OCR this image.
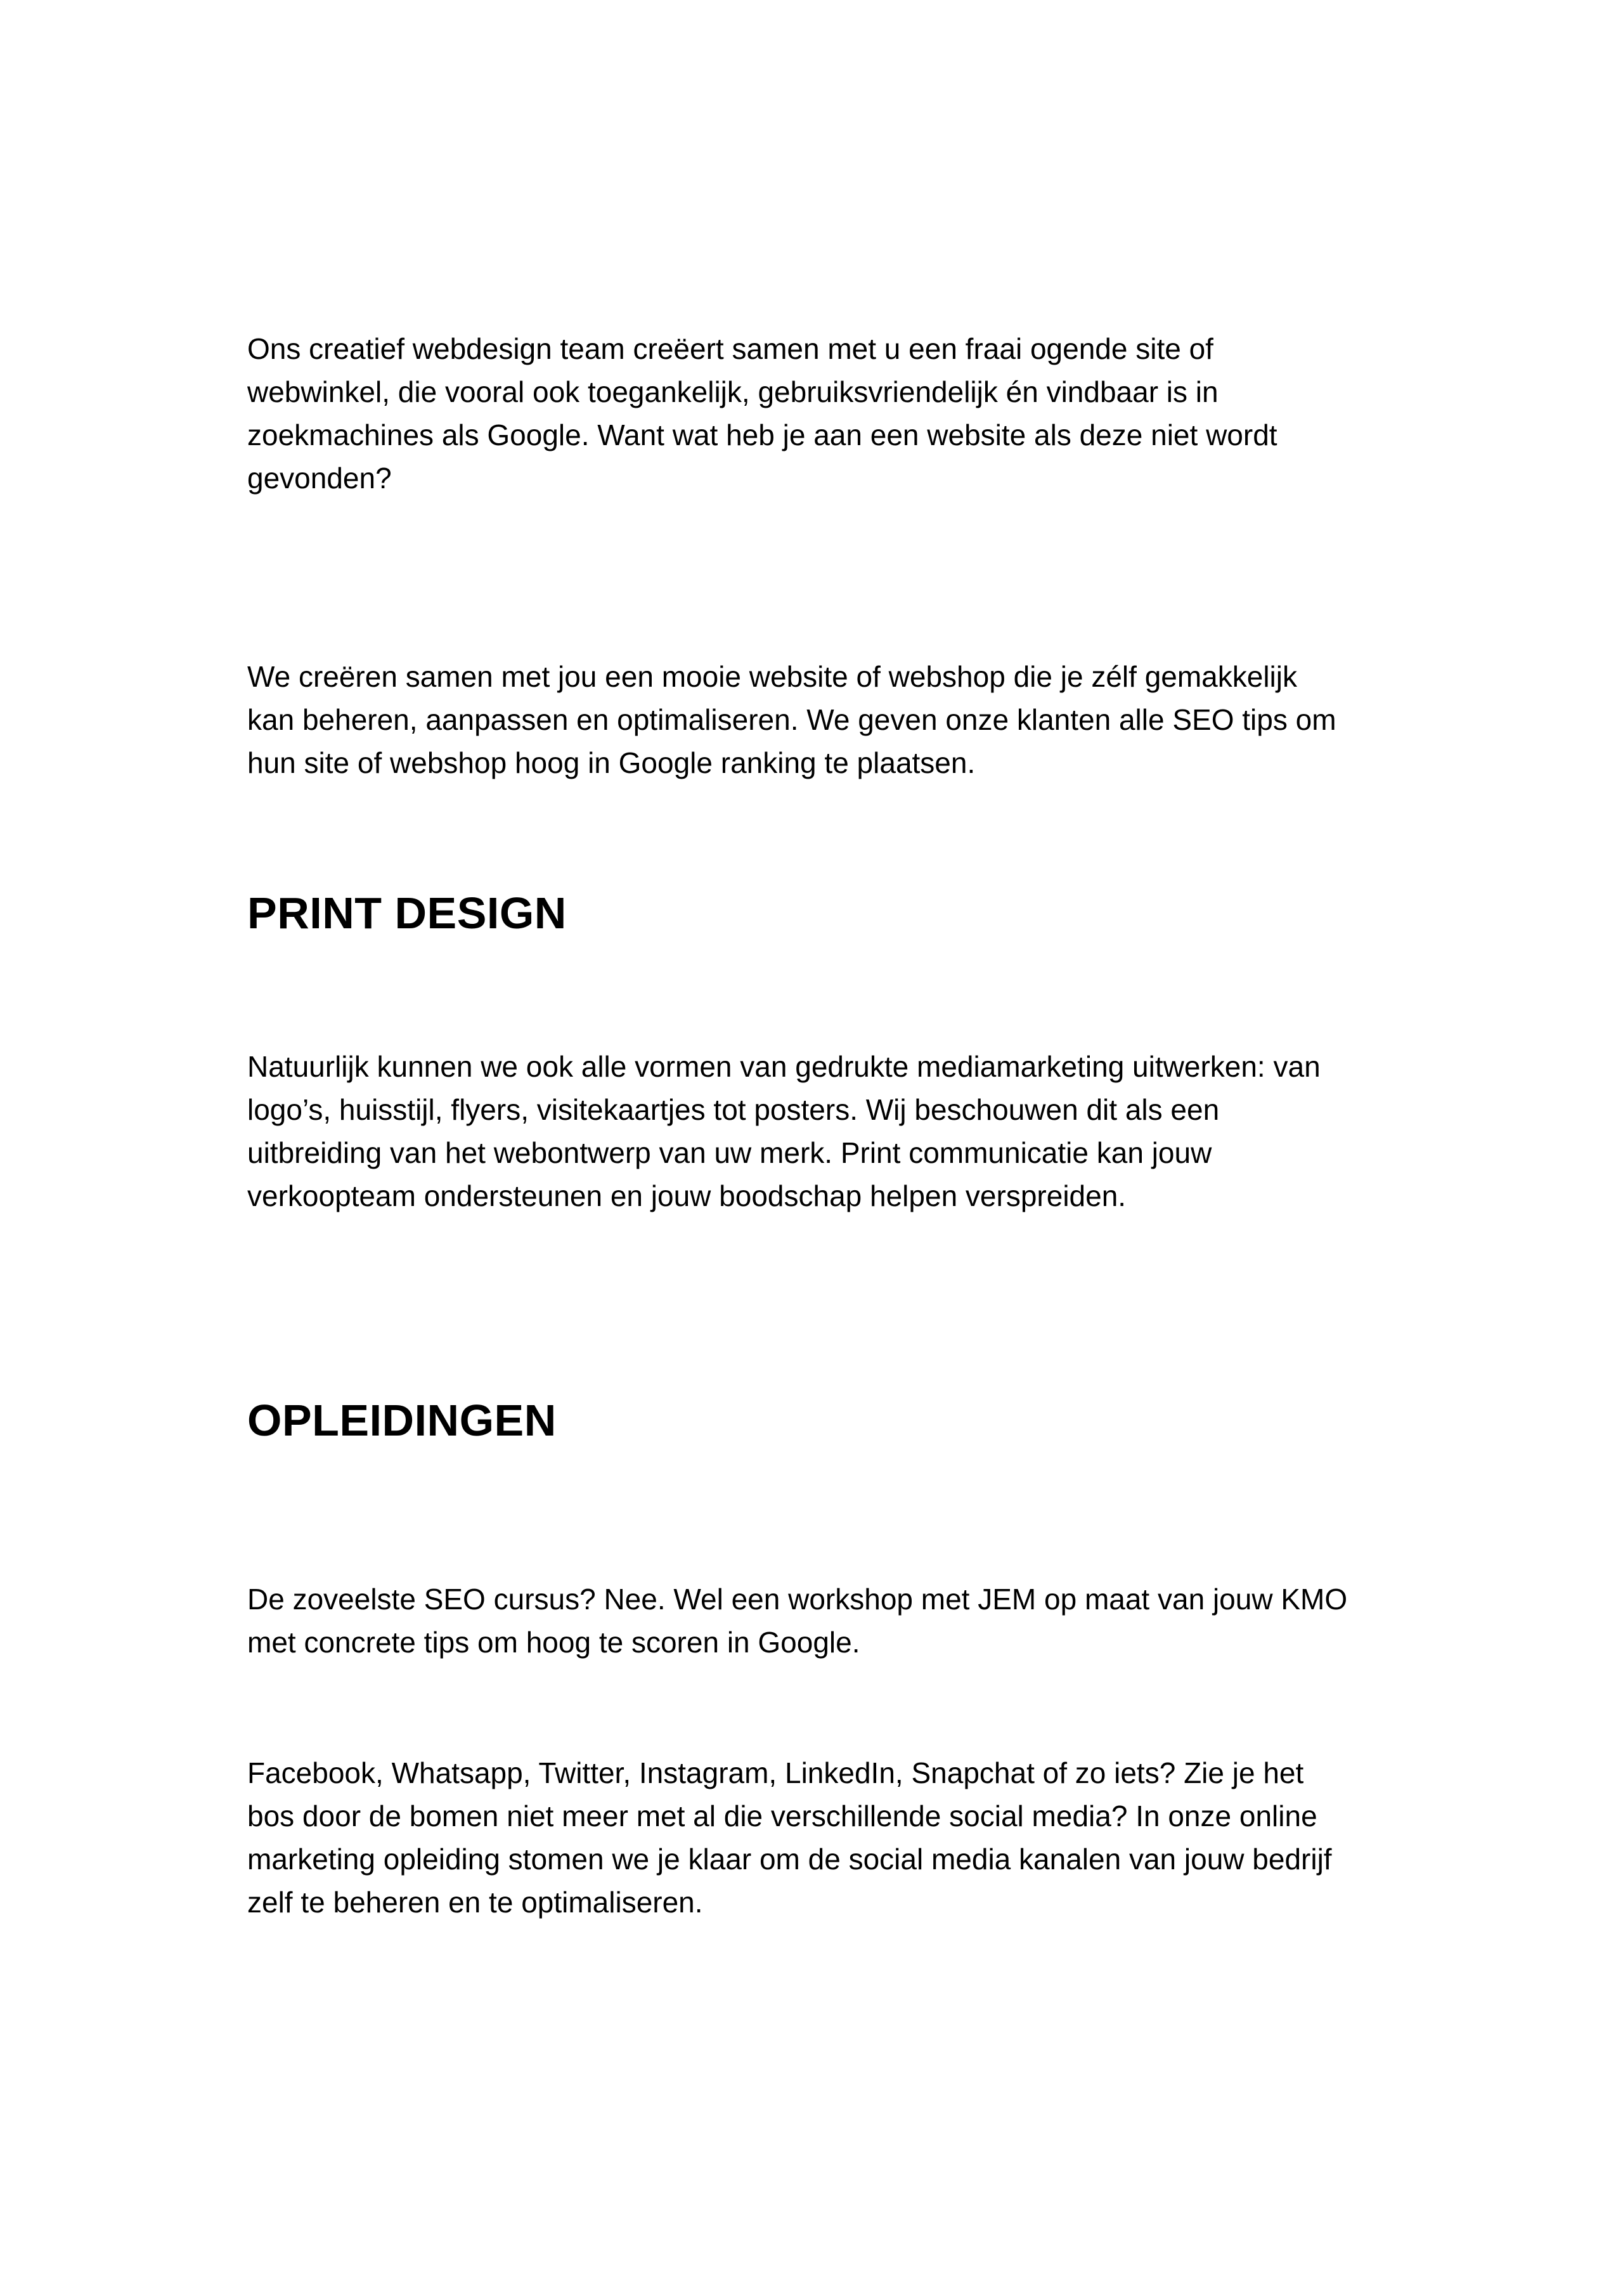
Ons creatief webdesign team creëert samen met u een fraai ogende site of
webwinkel, die vooral ook toegankelijk, gebruiksvriendelijk én vindbaar is in
zoekmachines als Google. Want wat heb je aan een website als deze niet wordt
gevonden?

We creëren samen met jou een mooie website of webshop die je zélf gemakkelijk
kan beheren, aanpassen en optimaliseren. We geven onze klanten alle SEO tips om
hun site of webshop hoog in Google ranking te plaatsen.

PRINT DESIGN

Natuurlijk kunnen we ook alle vormen van gedrukte mediamarketing uitwerken: van
logo’s, huisstijl, flyers, visitekaartjes tot posters. Wij beschouwen dit als een
uitbreiding van het webontwerp van uw merk. Print communicatie kan jouw
verkoopteam ondersteunen en jouw boodschap helpen verspreiden.

OPLEIDINGEN

De zoveelste SEO cursus? Nee. Wel een workshop met JEM op maat van jouw KMO
met concrete tips om hoog te scoren in Google.

Facebook, Whatsapp, Twitter, Instagram, LinkedIn, Snapchat of zo iets? Zie je het
bos door de bomen niet meer met al die verschillende social media? In onze online
marketing opleiding stomen we je klaar om de social media kanalen van jouw bedrijf
zelf te beheren en te optimaliseren.
